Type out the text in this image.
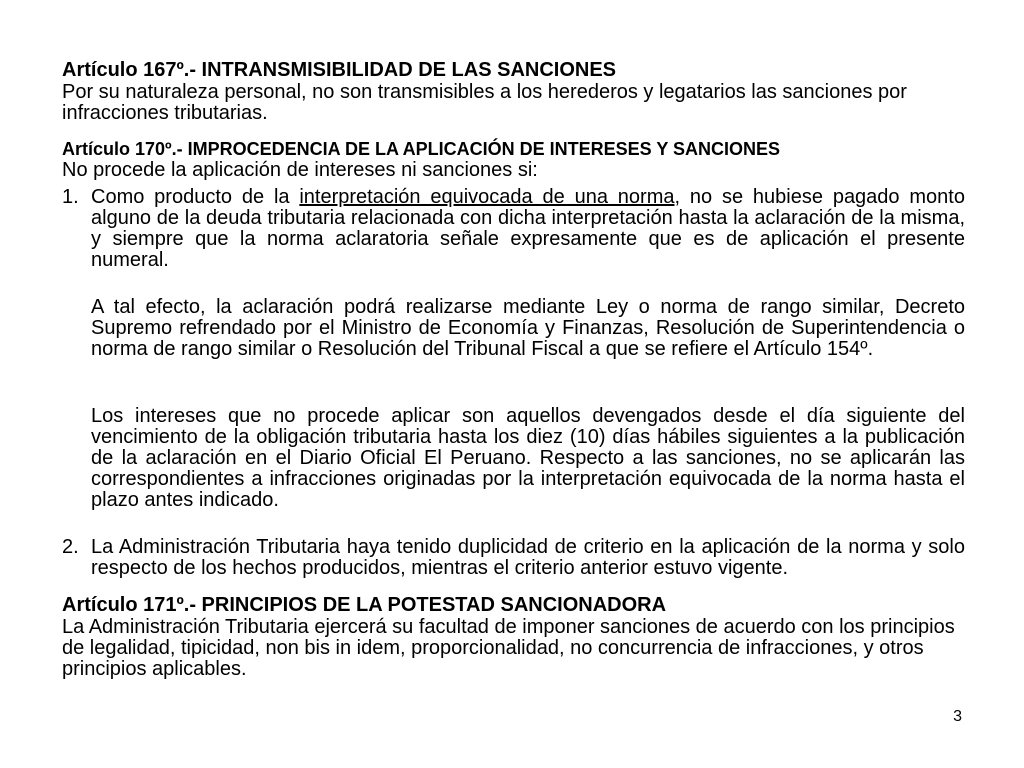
Artículo 167º.- INTRANSMISIBILIDAD DE LAS SANCIONES

Por su naturaleza personal, no son transmisibles a los herederos y legatarios las sanciones por infracciones tributarias.

Artículo 170º.- IMPROCEDENCIA DE LA APLICACIÓN DE INTERESES Y SANCIONES

No procede la aplicación de intereses ni sanciones si:

1. Como producto de la interpretación equivocada de una norma, no se hubiese pagado monto alguno de la deuda tributaria relacionada con dicha interpretación hasta la aclaración de la misma, y siempre que la norma aclaratoria señale expresamente que es de aplicación el presente numeral.

A tal efecto, la aclaración podrá realizarse mediante Ley o norma de rango similar, Decreto Supremo refrendado por el Ministro de Economía y Finanzas, Resolución de Superintendencia o norma de rango similar o Resolución del Tribunal Fiscal a que se refiere el Artículo 154º.

Los intereses que no procede aplicar son aquellos devengados desde el día siguiente del vencimiento de la obligación tributaria hasta los diez (10) días hábiles siguientes a la publicación de la aclaración en el Diario Oficial El Peruano. Respecto a las sanciones, no se aplicarán las correspondientes a infracciones originadas por la interpretación equivocada de la norma hasta el plazo antes indicado.

2. La Administración Tributaria haya tenido duplicidad de criterio en la aplicación de la norma y solo respecto de los hechos producidos, mientras el criterio anterior estuvo vigente.

Artículo 171º.- PRINCIPIOS DE LA POTESTAD SANCIONADORA

La Administración Tributaria ejercerá su facultad de imponer sanciones de acuerdo con los principios de legalidad, tipicidad, non bis in idem, proporcionalidad, no concurrencia de infracciones, y otros principios aplicables.

3
